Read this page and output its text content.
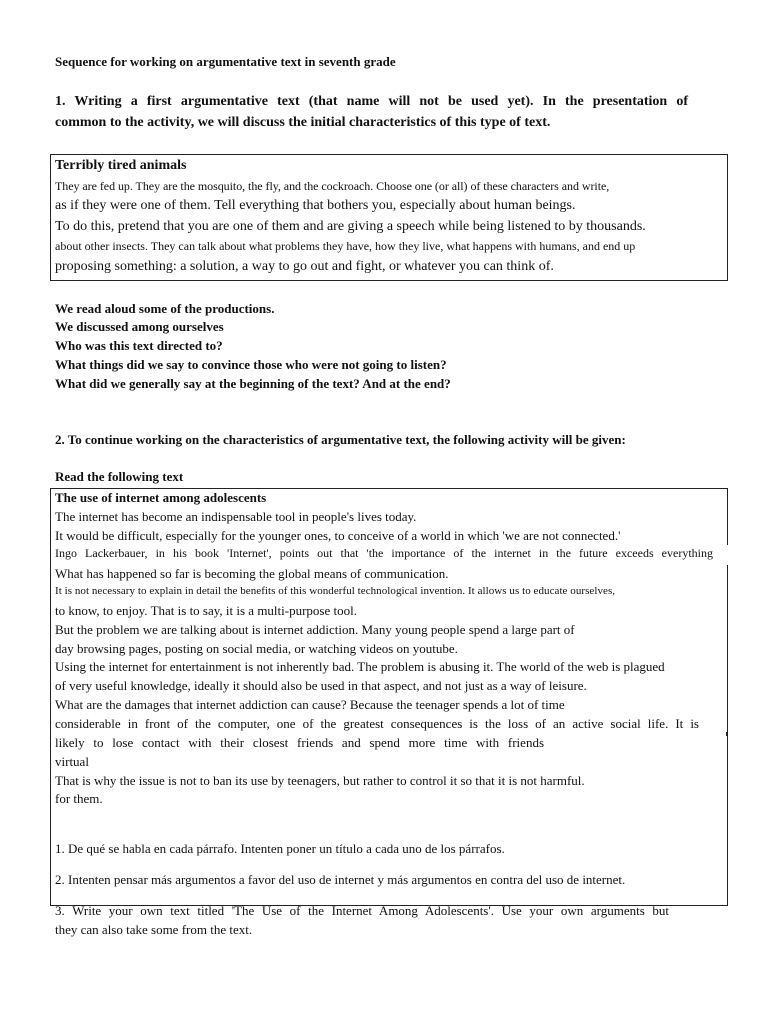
Sequence for working on argumentative text in seventh grade
1. Writing a first argumentative text (that name will not be used yet). In the presentation of
common to the activity, we will discuss the initial characteristics of this type of text.
Terribly tired animals
They are fed up. They are the mosquito, the fly, and the cockroach. Choose one (or all) of these characters and write,
as if they were one of them. Tell everything that bothers you, especially about human beings.
To do this, pretend that you are one of them and are giving a speech while being listened to by thousands.
about other insects. They can talk about what problems they have, how they live, what happens with humans, and end up
proposing something: a solution, a way to go out and fight, or whatever you can think of.
We read aloud some of the productions.
We discussed among ourselves
Who was this text directed to?
What things did we say to convince those who were not going to listen?
What did we generally say at the beginning of the text? And at the end?
2. To continue working on the characteristics of argumentative text, the following activity will be given:
Read the following text
The use of internet among adolescents
The internet has become an indispensable tool in people's lives today.
It would be difficult, especially for the younger ones, to conceive of a world in which 'we are not connected.'
Ingo Lackerbauer, in his book 'Internet', points out that 'the importance of the internet in the future exceeds everything
What has happened so far is becoming the global means of communication.
It is not necessary to explain in detail the benefits of this wonderful technological invention. It allows us to educate ourselves,
to know, to enjoy. That is to say, it is a multi-purpose tool.
But the problem we are talking about is internet addiction. Many young people spend a large part of
day browsing pages, posting on social media, or watching videos on youtube.
Using the internet for entertainment is not inherently bad. The problem is abusing it. The world of the web is plagued
of very useful knowledge, ideally it should also be used in that aspect, and not just as a way of leisure.
What are the damages that internet addiction can cause? Because the teenager spends a lot of time
considerable in front of the computer, one of the greatest consequences is the loss of an active social life. It is
likely to lose contact with their closest friends and spend more time with friends
virtual
That is why the issue is not to ban its use by teenagers, but rather to control it so that it is not harmful.
for them.
1. De qué se habla en cada párrafo. Intenten poner un título a cada uno de los párrafos.
2. Intenten pensar más argumentos a favor del uso de internet y más argumentos en contra del uso de internet.
3. Write your own text titled 'The Use of the Internet Among Adolescents'. Use your own arguments but
they can also take some from the text.
